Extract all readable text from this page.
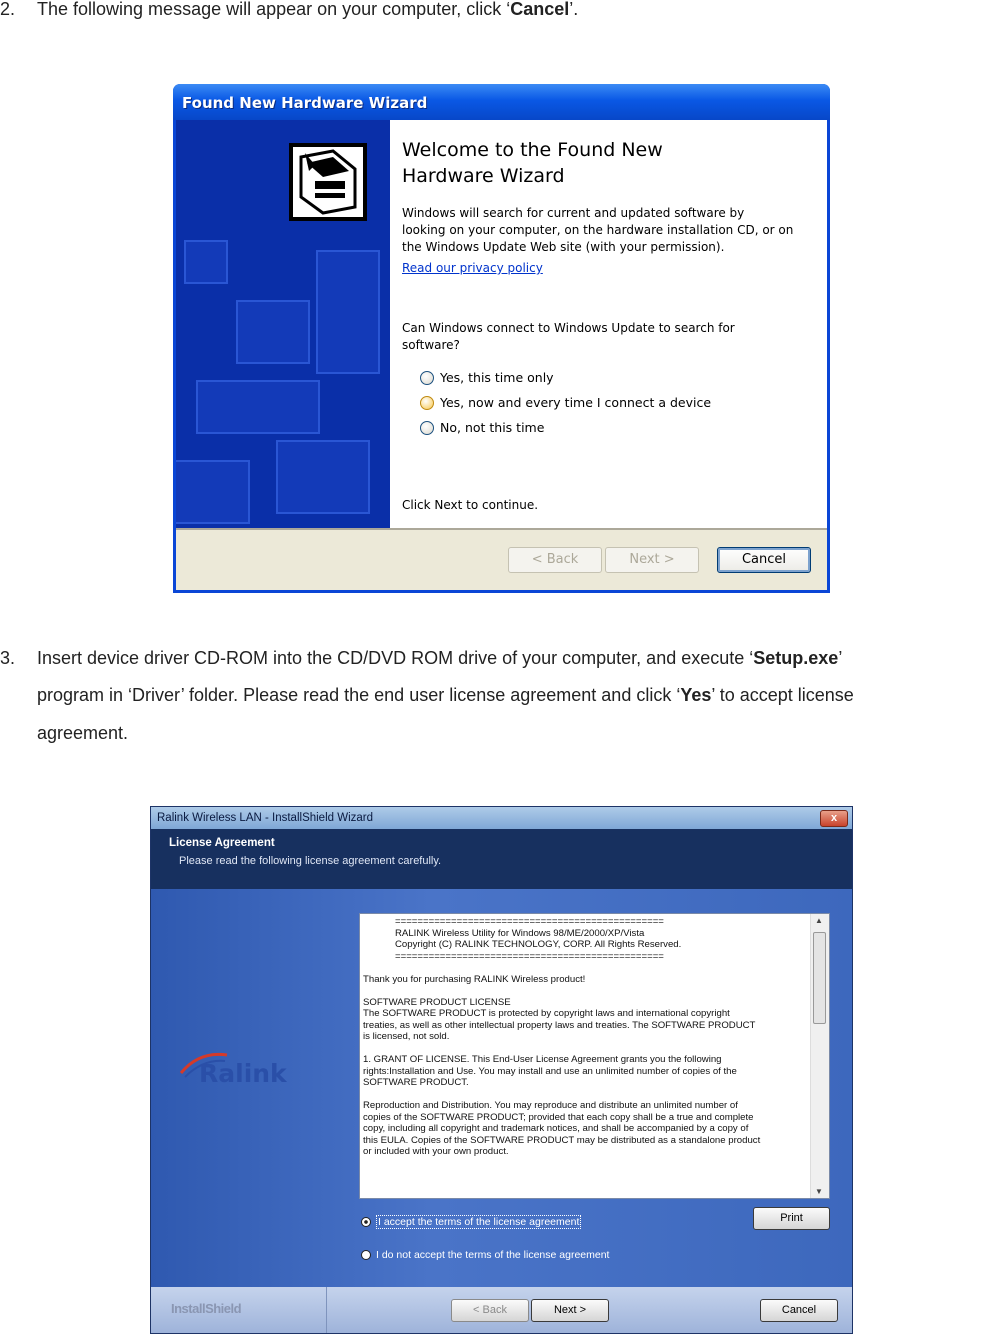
2. The following message will appear on your computer, click ‘Cancel’.
Found New Hardware Wizard
Welcome to the Found New
Hardware Wizard
Windows will search for current and updated software by
looking on your computer, on the hardware installation CD, or on
the Windows Update Web site (with your permission).
Read our privacy policy
Can Windows connect to Windows Update to search for
software?
Yes, this time only
Yes, now and every time I connect a device
No, not this time
Click Next to continue.
< Back	Next >	Cancel
3. Insert device driver CD-ROM into the CD/DVD ROM drive of your computer, and execute ‘Setup.exe’
program in ‘Driver’ folder. Please read the end user license agreement and click ‘Yes’ to accept license
agreement.
Ralink Wireless LAN - InstallShield Wizard	x
License Agreement
Please read the following license agreement carefully.
Ralink
================================================
RALINK Wireless Utility for Windows 98/ME/2000/XP/Vista
Copyright (C) RALINK TECHNOLOGY, CORP. All Rights Reserved.
================================================
Thank you for purchasing RALINK Wireless product!
SOFTWARE PRODUCT LICENSE
The SOFTWARE PRODUCT is protected by copyright laws and international copyright
treaties, as well as other intellectual property laws and treaties. The SOFTWARE PRODUCT
is licensed, not sold.
1. GRANT OF LICENSE. This End-User License Agreement grants you the following
rights:Installation and Use. You may install and use an unlimited number of copies of the
SOFTWARE PRODUCT.
Reproduction and Distribution. You may reproduce and distribute an unlimited number of
copies of the SOFTWARE PRODUCT; provided that each copy shall be a true and complete
copy, including all copyright and trademark notices, and shall be accompanied by a copy of
this EULA. Copies of the SOFTWARE PRODUCT may be distributed as a standalone product
or included with your own product.
▲
▼
I accept the terms of the license agreement
I do not accept the terms of the license agreement
Print
InstallShield	< Back	Next >	Cancel
